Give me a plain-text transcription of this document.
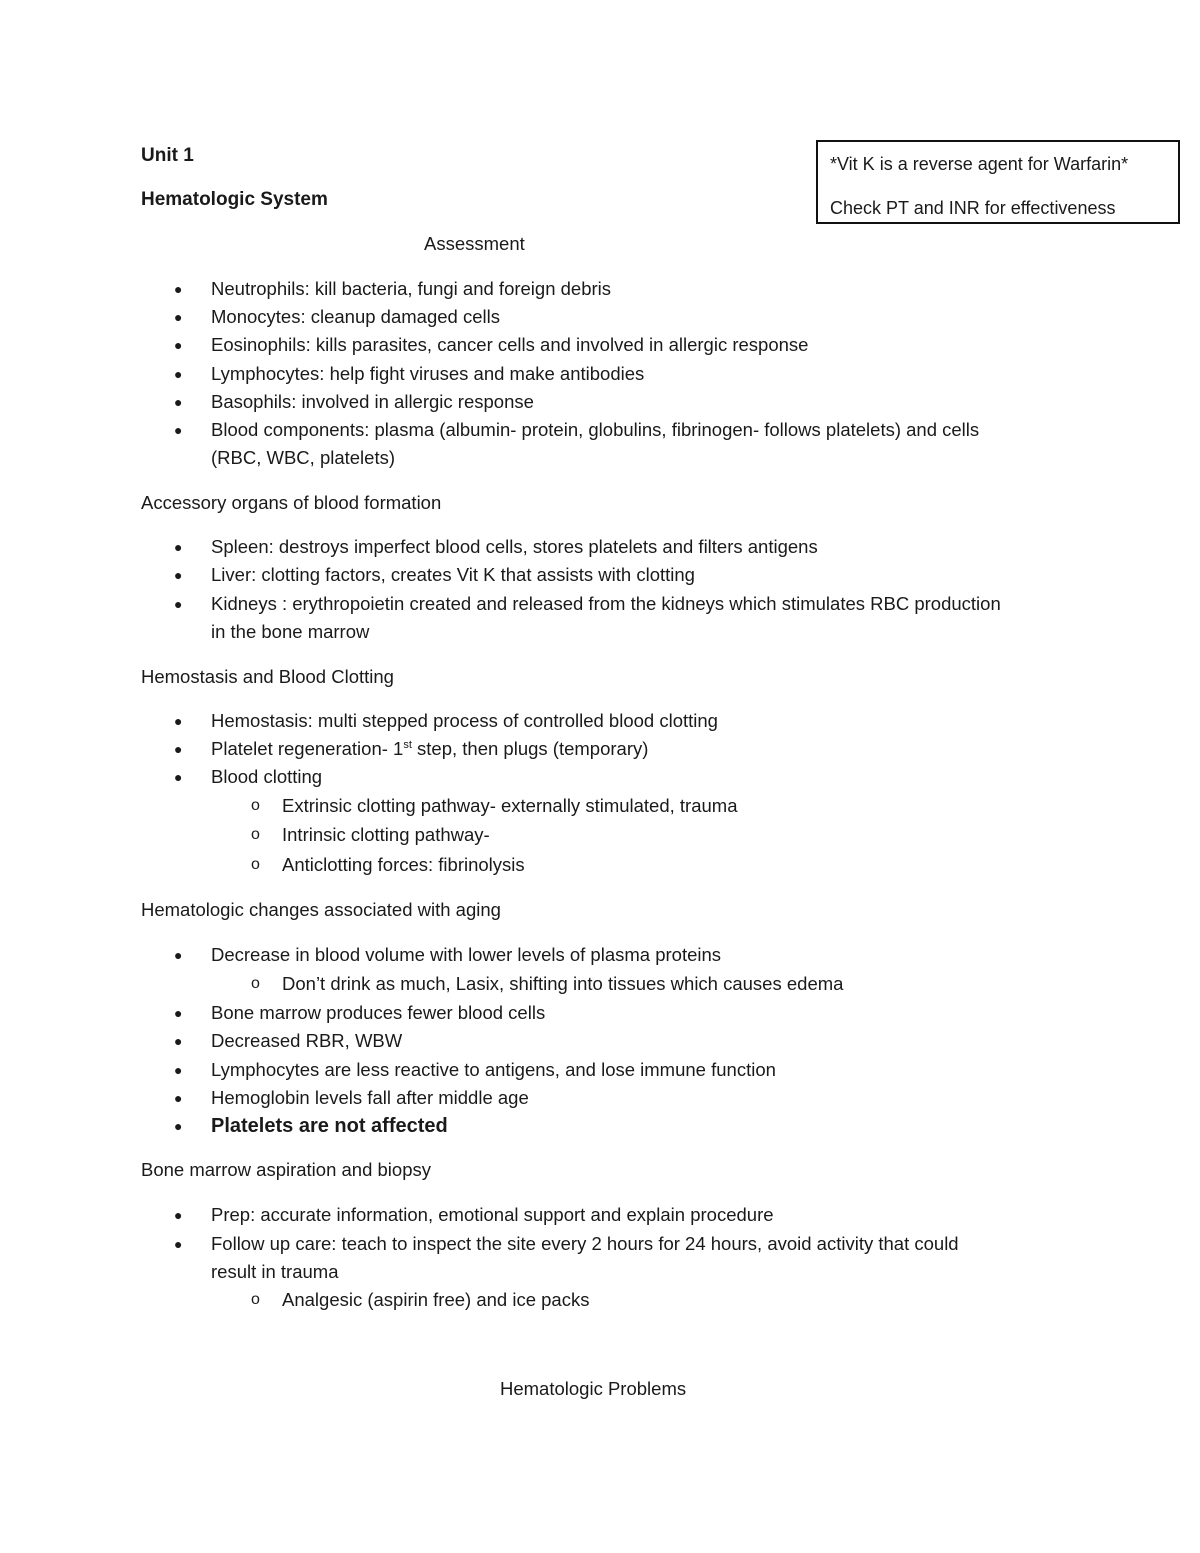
Unit 1
Hematologic System
*Vit K is a reverse agent for Warfarin*
Check PT and INR for effectiveness
Assessment
● Neutrophils: kill bacteria, fungi and foreign debris
● Monocytes: cleanup damaged cells
● Eosinophils: kills parasites, cancer cells and involved in allergic response
● Lymphocytes: help fight viruses and make antibodies
● Basophils: involved in allergic response
● Blood components: plasma (albumin- protein, globulins, fibrinogen- follows platelets) and cells
(RBC, WBC, platelets)
Accessory organs of blood formation
● Spleen: destroys imperfect blood cells, stores platelets and filters antigens
● Liver: clotting factors, creates Vit K that assists with clotting
● Kidneys : erythropoietin created and released from the kidneys which stimulates RBC production
in the bone marrow
Hemostasis and Blood Clotting
● Hemostasis: multi stepped process of controlled blood clotting
● Platelet regeneration- 1st step, then plugs (temporary)
● Blood clotting
o Extrinsic clotting pathway- externally stimulated, trauma
o Intrinsic clotting pathway-
o Anticlotting forces: fibrinolysis
Hematologic changes associated with aging
● Decrease in blood volume with lower levels of plasma proteins
o Don’t drink as much, Lasix, shifting into tissues which causes edema
● Bone marrow produces fewer blood cells
● Decreased RBR, WBW
● Lymphocytes are less reactive to antigens, and lose immune function
● Hemoglobin levels fall after middle age
● Platelets are not affected
Bone marrow aspiration and biopsy
● Prep: accurate information, emotional support and explain procedure
● Follow up care: teach to inspect the site every 2 hours for 24 hours, avoid activity that could
result in trauma
o Analgesic (aspirin free) and ice packs
Hematologic Problems
